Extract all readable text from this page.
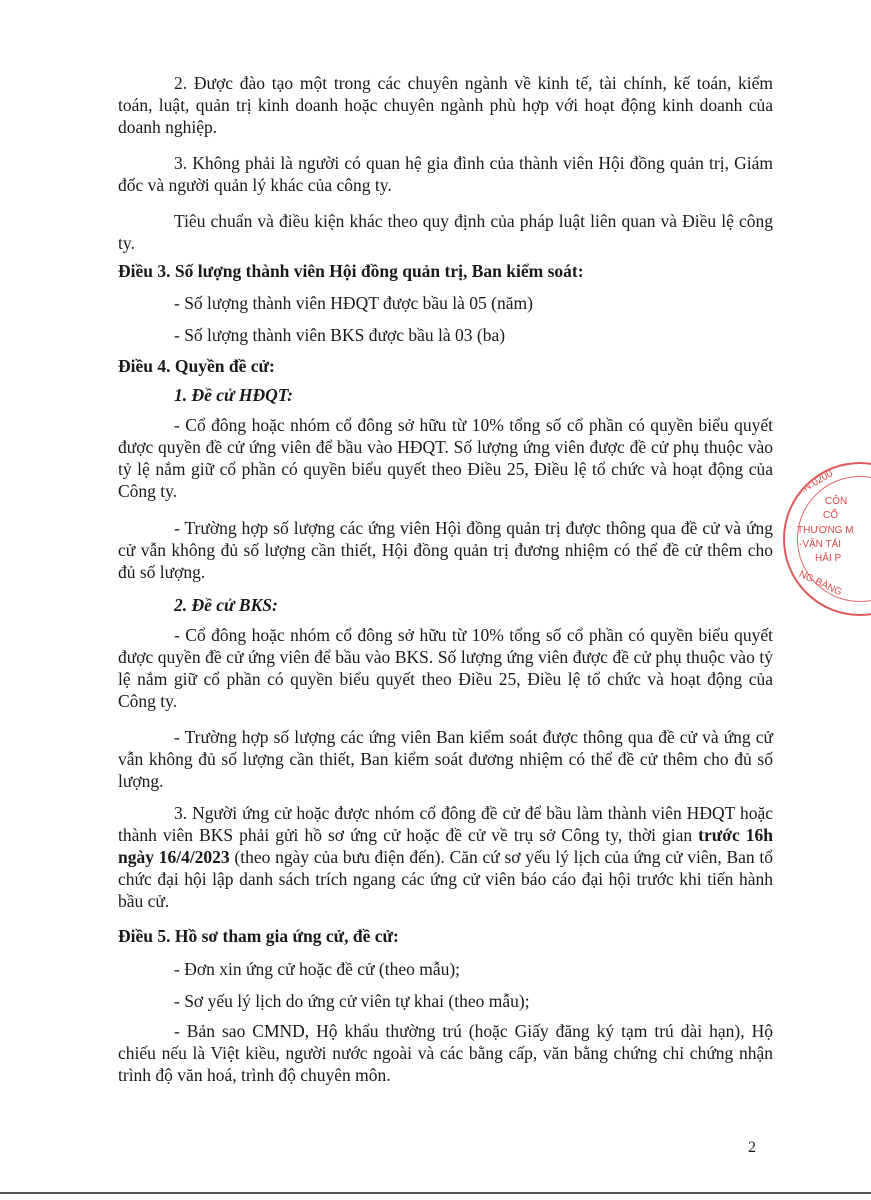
2. Được đào tạo một trong các chuyên ngành về kinh tế, tài chính, kế toán, kiểm toán, luật, quản trị kinh doanh hoặc chuyên ngành phù hợp với hoạt động kinh doanh của doanh nghiệp.

3. Không phải là người có quan hệ gia đình của thành viên Hội đồng quản trị, Giám đốc và người quản lý khác của công ty.

Tiêu chuẩn và điều kiện khác theo quy định của pháp luật liên quan và Điều lệ công ty.

Điều 3. Số lượng thành viên Hội đồng quản trị, Ban kiểm soát:

- Số lượng thành viên HĐQT được bầu là 05 (năm)

- Số lượng thành viên BKS được bầu là 03 (ba)

Điều 4. Quyền đề cử:

1. Đề cử HĐQT:

- Cổ đông hoặc nhóm cổ đông sở hữu từ 10% tổng số cổ phần có quyền biểu quyết được quyền đề cử ứng viên để bầu vào HĐQT. Số lượng ứng viên được đề cử phụ thuộc vào tỷ lệ nắm giữ cổ phần có quyền biểu quyết theo Điều 25, Điều lệ tổ chức và hoạt động của Công ty.

- Trường hợp số lượng các ứng viên Hội đồng quản trị được thông qua đề cử và ứng cử vẫn không đủ số lượng cần thiết, Hội đồng quản trị đương nhiệm có thể đề cử thêm cho đủ số lượng.

2. Đề cử BKS:

- Cổ đông hoặc nhóm cổ đông sở hữu từ 10% tổng số cổ phần có quyền biểu quyết được quyền đề cử ứng viên để bầu vào BKS. Số lượng ứng viên được đề cử phụ thuộc vào tỷ lệ nắm giữ cổ phần có quyền biểu quyết theo Điều 25, Điều lệ tổ chức và hoạt động của Công ty.

- Trường hợp số lượng các ứng viên Ban kiểm soát được thông qua đề cử và ứng cử vẫn không đủ số lượng cần thiết, Ban kiểm soát đương nhiệm có thể đề cử thêm cho đủ số lượng.

3. Người ứng cử hoặc được nhóm cổ đông đề cử để bầu làm thành viên HĐQT hoặc thành viên BKS phải gửi hồ sơ ứng cử hoặc đề cử về trụ sở Công ty, thời gian trước 16h ngày 16/4/2023 (theo ngày của bưu điện đến). Căn cứ sơ yếu lý lịch của ứng cử viên, Ban tổ chức đại hội lập danh sách trích ngang các ứng cử viên báo cáo đại hội trước khi tiến hành bầu cử.

Điều 5. Hồ sơ tham gia ứng cử, đề cử:

- Đơn xin ứng cử hoặc đề cử (theo mẫu);

- Sơ yếu lý lịch do ứng cử viên tự khai (theo mẫu);

- Bản sao CMND, Hộ khẩu thường trú (hoặc Giấy đăng ký tạm trú dài hạn), Hộ chiếu nếu là Việt kiều, người nước ngoài và các bằng cấp, văn bằng chứng chỉ chứng nhận trình độ văn hoá, trình độ chuyên môn.

2

Đ.N:0200
CÔN
CỔ
THƯƠNG M
-VẬN TẢI
HẢI P
NG BÀNG
